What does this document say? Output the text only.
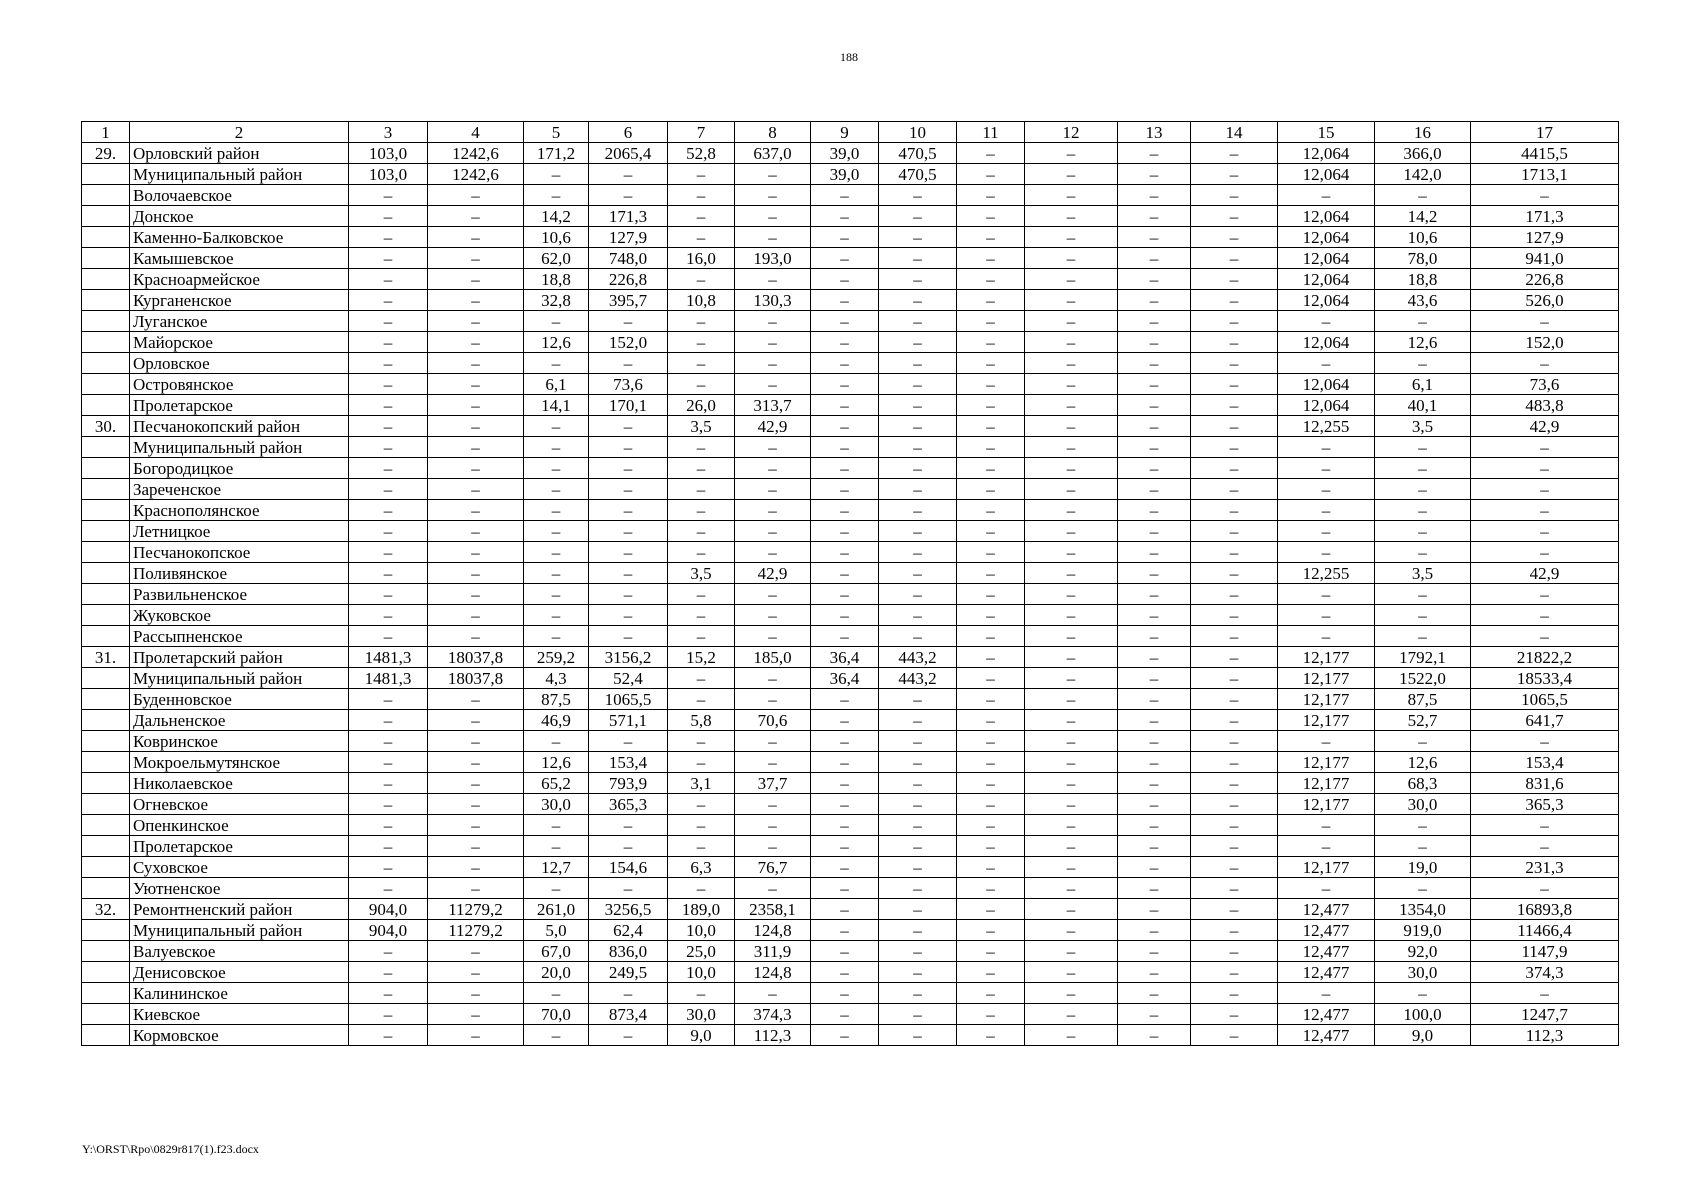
188
1	2	3	4	5	6	7	8	9	10	11	12	13	14	15	16	17
29.	Орловский район	103,0	1242,6	171,2	2065,4	52,8	637,0	39,0	470,5	–	–	–	–	12,064	366,0	4415,5
	Муниципальный район	103,0	1242,6	–	–	–	–	39,0	470,5	–	–	–	–	12,064	142,0	1713,1
	Волочаевское	–	–	–	–	–	–	–	–	–	–	–	–	–	–	–
	Донское	–	–	14,2	171,3	–	–	–	–	–	–	–	–	12,064	14,2	171,3
	Каменно-Балковское	–	–	10,6	127,9	–	–	–	–	–	–	–	–	12,064	10,6	127,9
	Камышевское	–	–	62,0	748,0	16,0	193,0	–	–	–	–	–	–	12,064	78,0	941,0
	Красноармейское	–	–	18,8	226,8	–	–	–	–	–	–	–	–	12,064	18,8	226,8
	Курганенское	–	–	32,8	395,7	10,8	130,3	–	–	–	–	–	–	12,064	43,6	526,0
	Луганское	–	–	–	–	–	–	–	–	–	–	–	–	–	–	–
	Майорское	–	–	12,6	152,0	–	–	–	–	–	–	–	–	12,064	12,6	152,0
	Орловское	–	–	–	–	–	–	–	–	–	–	–	–	–	–	–
	Островянское	–	–	6,1	73,6	–	–	–	–	–	–	–	–	12,064	6,1	73,6
	Пролетарское	–	–	14,1	170,1	26,0	313,7	–	–	–	–	–	–	12,064	40,1	483,8
30.	Песчанокопский район	–	–	–	–	3,5	42,9	–	–	–	–	–	–	12,255	3,5	42,9
	Муниципальный район	–	–	–	–	–	–	–	–	–	–	–	–	–	–	–
	Богородицкое	–	–	–	–	–	–	–	–	–	–	–	–	–	–	–
	Зареченское	–	–	–	–	–	–	–	–	–	–	–	–	–	–	–
	Краснополянское	–	–	–	–	–	–	–	–	–	–	–	–	–	–	–
	Летницкое	–	–	–	–	–	–	–	–	–	–	–	–	–	–	–
	Песчанокопское	–	–	–	–	–	–	–	–	–	–	–	–	–	–	–
	Поливянское	–	–	–	–	3,5	42,9	–	–	–	–	–	–	12,255	3,5	42,9
	Развильненское	–	–	–	–	–	–	–	–	–	–	–	–	–	–	–
	Жуковское	–	–	–	–	–	–	–	–	–	–	–	–	–	–	–
	Рассыпненское	–	–	–	–	–	–	–	–	–	–	–	–	–	–	–
31.	Пролетарский район	1481,3	18037,8	259,2	3156,2	15,2	185,0	36,4	443,2	–	–	–	–	12,177	1792,1	21822,2
	Муниципальный район	1481,3	18037,8	4,3	52,4	–	–	36,4	443,2	–	–	–	–	12,177	1522,0	18533,4
	Буденновское	–	–	87,5	1065,5	–	–	–	–	–	–	–	–	12,177	87,5	1065,5
	Дальненское	–	–	46,9	571,1	5,8	70,6	–	–	–	–	–	–	12,177	52,7	641,7
	Ковринское	–	–	–	–	–	–	–	–	–	–	–	–	–	–	–
	Мокроельмутянское	–	–	12,6	153,4	–	–	–	–	–	–	–	–	12,177	12,6	153,4
	Николаевское	–	–	65,2	793,9	3,1	37,7	–	–	–	–	–	–	12,177	68,3	831,6
	Огневское	–	–	30,0	365,3	–	–	–	–	–	–	–	–	12,177	30,0	365,3
	Опенкинское	–	–	–	–	–	–	–	–	–	–	–	–	–	–	–
	Пролетарское	–	–	–	–	–	–	–	–	–	–	–	–	–	–	–
	Суховское	–	–	12,7	154,6	6,3	76,7	–	–	–	–	–	–	12,177	19,0	231,3
	Уютненское	–	–	–	–	–	–	–	–	–	–	–	–	–	–	–
32.	Ремонтненский район	904,0	11279,2	261,0	3256,5	189,0	2358,1	–	–	–	–	–	–	12,477	1354,0	16893,8
	Муниципальный район	904,0	11279,2	5,0	62,4	10,0	124,8	–	–	–	–	–	–	12,477	919,0	11466,4
	Валуевское	–	–	67,0	836,0	25,0	311,9	–	–	–	–	–	–	12,477	92,0	1147,9
	Денисовское	–	–	20,0	249,5	10,0	124,8	–	–	–	–	–	–	12,477	30,0	374,3
	Калининское	–	–	–	–	–	–	–	–	–	–	–	–	–	–	–
	Киевское	–	–	70,0	873,4	30,0	374,3	–	–	–	–	–	–	12,477	100,0	1247,7
	Кормовское	–	–	–	–	9,0	112,3	–	–	–	–	–	–	12,477	9,0	112,3
Y:\ORST\Rpo\0829r817(1).f23.docx
